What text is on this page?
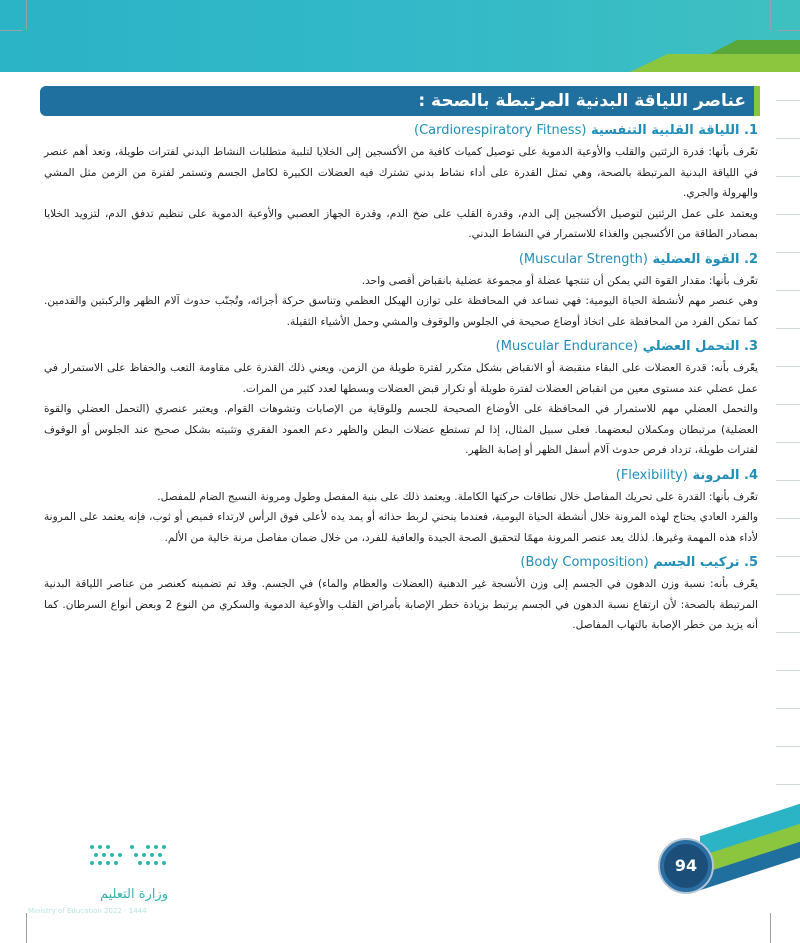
عناصر اللياقة البدنية المرتبطة بالصحة :
1. اللياقة القلبية التنفسية (Cardiorespiratory Fitness)

تعّرف بأنها: قدرة الرئتين والقلب والأوعية الدموية على توصيل كميات كافية من الأكسجين إلى الخلايا لتلبية متطلبات النشاط البدني لفترات طويلة، وتعد أهم عنصر في اللياقة البدنية المرتبطة بالصحة، وهي تمثل القدرة على أداء نشاط بدني تشترك فيه العضلات الكبيرة لكامل الجسم وتستمر لفترة من الزمن مثل المشي والهرولة والجري.

ويعتمد على عمل الرئتين لتوصيل الأكسجين إلى الدم، وقدرة القلب على ضخ الدم، وقدرة الجهاز العصبي والأوعية الدموية على تنظيم تدفق الدم، لتزويد الخلايا بمصادر الطاقة من الأكسجين والغذاء للاستمرار في النشاط البدني.

2. القوة العضلية (Muscular Strength)

تعّرف بأنها: مقدار القوة التي يمكن أن تنتجها عضلة أو مجموعة عضلية بانقباض أقصى واحد.

وهي عنصر مهم لأنشطة الحياة اليومية: فهي تساعد في المحافظة على توازن الهيكل العظمي وتناسق حركة أجزائه، وتُجنّب حدوث آلام الظهر والركبتين والقدمين. كما تمكن الفرد من المحافظة على اتخاذ أوضاع صحيحة في الجلوس والوقوف والمشي وحمل الأشياء الثقيلة.

3. التحمل العضلي (Muscular Endurance)

يعّرف بأنه: قدرة العضلات على البقاء منقبضة أو الانقباض بشكل متكرر لفترة طويلة من الزمن. ويعني ذلك القدرة على مقاومة التعب والحفاظ على الاستمرار في عمل عضلي عند مستوى معين من انقباض العضلات لفترة طويلة أو تكرار قبض العضلات وبسطها لعدد كثير من المرات.

والتحمل العضلي مهم للاستمرار في المحافظة على الأوضاع الصحيحة للجسم وللوقاية من الإصابات وتشوهات القوام. ويعتبر عنصري (التحمل العضلي والقوة العضلية) مرتبطان ومكملان لبعضهما. فعلى سبيل المثال، إذا لم تستطع عضلات البطن والظهر دعم العمود الفقري وتثبيته بشكل صحيح عند الجلوس أو الوقوف لفترات طويلة، تزداد فرص حدوث آلام أسفل الظهر أو إصابة الظهر.

4. المرونة (Flexibility)

تعّرف بأنها: القدرة على تحريك المفاصل خلال نطاقات حركتها الكاملة. ويعتمد ذلك على بنية المفصل وطول ومرونة النسيج الضام للمفصل.

والفرد العادي يحتاج لهذه المرونة خلال أنشطة الحياة اليومية، فعندما ينحني لربط حذائه أو يمد يده لأعلى فوق الرأس لارتداء قميص أو ثوب، فإنه يعتمد على المرونة لأداء هذه المهمة وغيرها. لذلك يعد عنصر المرونة مهمًا لتحقيق الصحة الجيدة والعافية للفرد، من خلال ضمان مفاصل مرنة خالية من الألم.

5. تركيب الجسم (Body Composition)

يعّرف بأنه: نسبة وزن الدهون في الجسم إلى وزن الأنسجة غير الدهنية (العضلات والعظام والماء) في الجسم. وقد تم تضمينه كعنصر من عناصر اللياقة البدنية المرتبطة بالصحة: لأن ارتفاع نسبة الدهون في الجسم يرتبط بزيادة خطر الإصابة بأمراض القلب والأوعية الدموية والسكري من النوع 2 وبعض أنواع السرطان. كما أنه يزيد من خطر الإصابة بالتهاب المفاصل.

94
وزارة التعليم
Ministry of Education 2022 - 1444
